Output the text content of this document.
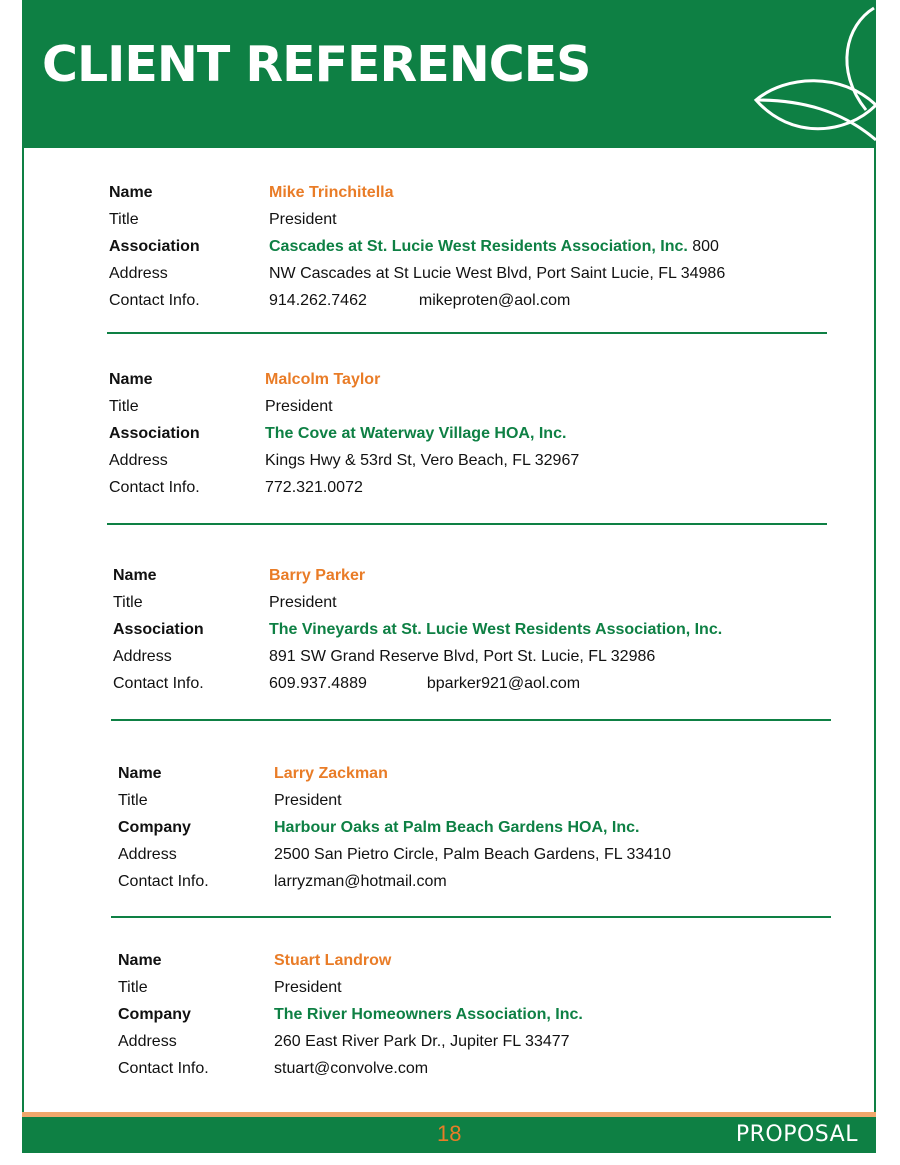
CLIENT REFERENCES
Name	Mike Trinchitella
Title	President
Association	Cascades at St. Lucie West Residents Association, Inc. 800
Address	NW Cascades at St Lucie West Blvd, Port Saint Lucie, FL 34986
Contact Info.	914.262.7462	mikeproten@aol.com
Name	Malcolm Taylor
Title	President
Association	The Cove at Waterway Village HOA, Inc.
Address	Kings Hwy & 53rd St, Vero Beach, FL 32967
Contact Info.	772.321.0072
Name	Barry Parker
Title	President
Association	The Vineyards at St. Lucie West Residents Association, Inc.
Address	891 SW Grand Reserve Blvd, Port St. Lucie, FL 32986
Contact Info.	609.937.4889	bparker921@aol.com
Name	Larry Zackman
Title	President
Company	Harbour Oaks at Palm Beach Gardens HOA, Inc.
Address	2500 San Pietro Circle, Palm Beach Gardens, FL 33410
Contact Info.	larryzman@hotmail.com
Name	Stuart Landrow
Title	President
Company	The River Homeowners Association, Inc.
Address	260 East River Park Dr., Jupiter FL 33477
Contact Info.	stuart@convolve.com
18	PROPOSAL
